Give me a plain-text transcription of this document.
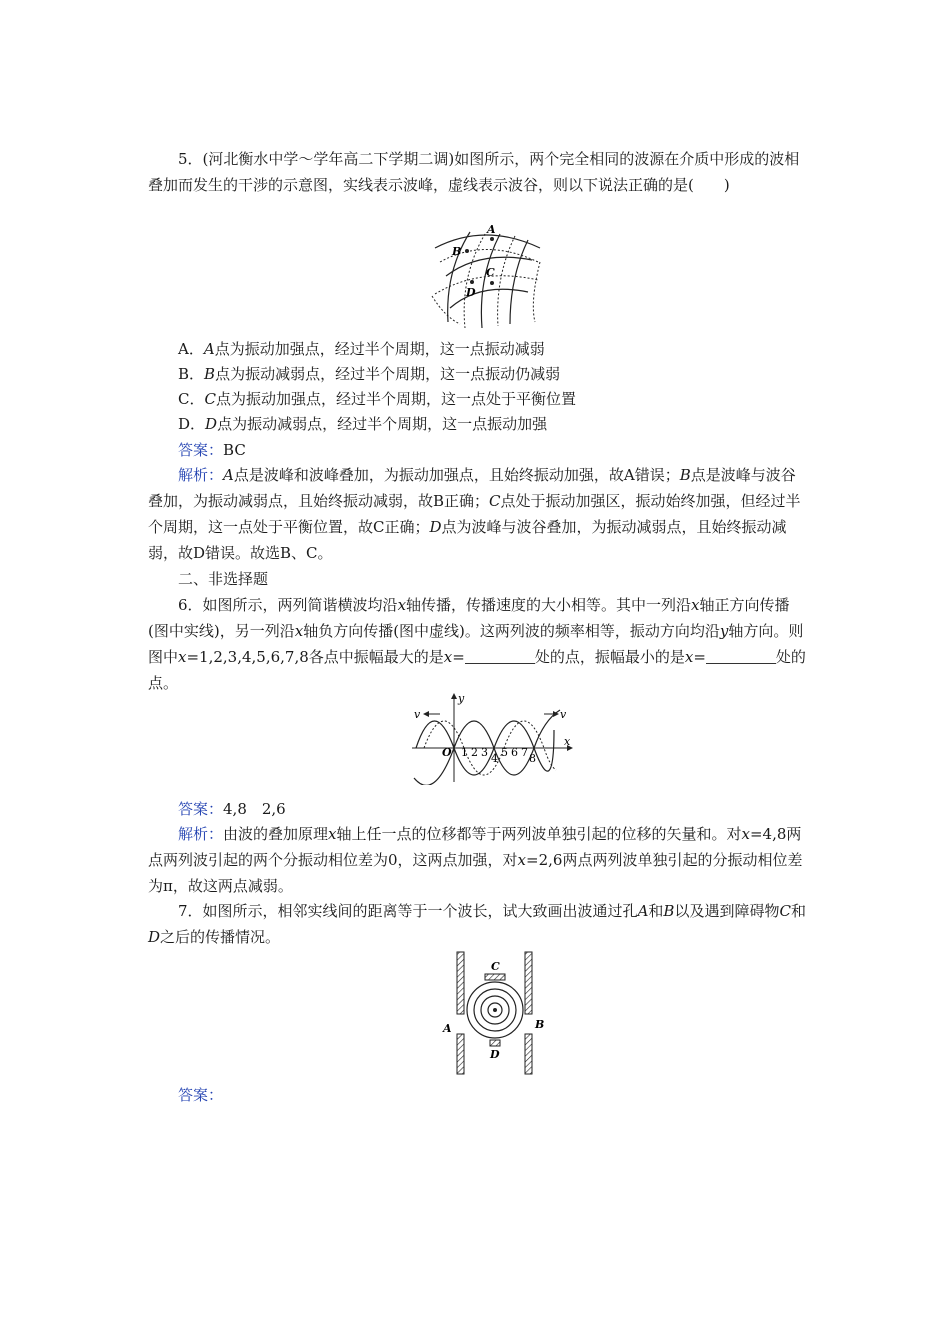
5．(河北衡水中学～学年高二下学期二调)如图所示，两个完全相同的波源在介质中形成的波相叠加而发生的干涉的示意图，实线表示波峰，虚线表示波谷，则以下说法正确的是(　　)

A
B
C
D

A．A点为振动加强点，经过半个周期，这一点振动减弱

B．B点为振动减弱点，经过半个周期，这一点振动仍减弱

C．C点为振动加强点，经过半个周期，这一点处于平衡位置

D．D点为振动减弱点，经过半个周期，这一点振动加强

答案：BC

解析：A点是波峰和波峰叠加，为振动加强点，且始终振动加强，故A错误；B点是波峰与波谷叠加，为振动减弱点，且始终振动减弱，故B正确；C点处于振动加强区，振动始终加强，但经过半个周期，这一点处于平衡位置，故C正确；D点为波峰与波谷叠加，为振动减弱点，且始终振动减弱，故D错误。故选B、C。

二、非选择题

6．如图所示，两列简谐横波均沿x轴传播，传播速度的大小相等。其中一列沿x轴正方向传播(图中实线)，另一列沿x轴负方向传播(图中虚线)。这两列波的频率相等，振动方向均沿y轴方向。则图中x=1,2,3,4,5,6,7,8各点中振幅最大的是x=	处的点，振幅最小的是x=	处的点。

v	v
y
x
O 1 2 3 4 5 6 7 8

答案：4,8　2,6

解析：由波的叠加原理x轴上任一点的位移都等于两列波单独引起的位移的矢量和。对x=4,8两点两列波引起的两个分振动相位差为0，这两点加强，对x=2,6两点两列波单独引起的分振动相位差为π，故这两点减弱。

7．如图所示，相邻实线间的距离等于一个波长，试大致画出波通过孔A和B以及遇到障碍物C和D之后的传播情况。

A	B
C
D

答案：
